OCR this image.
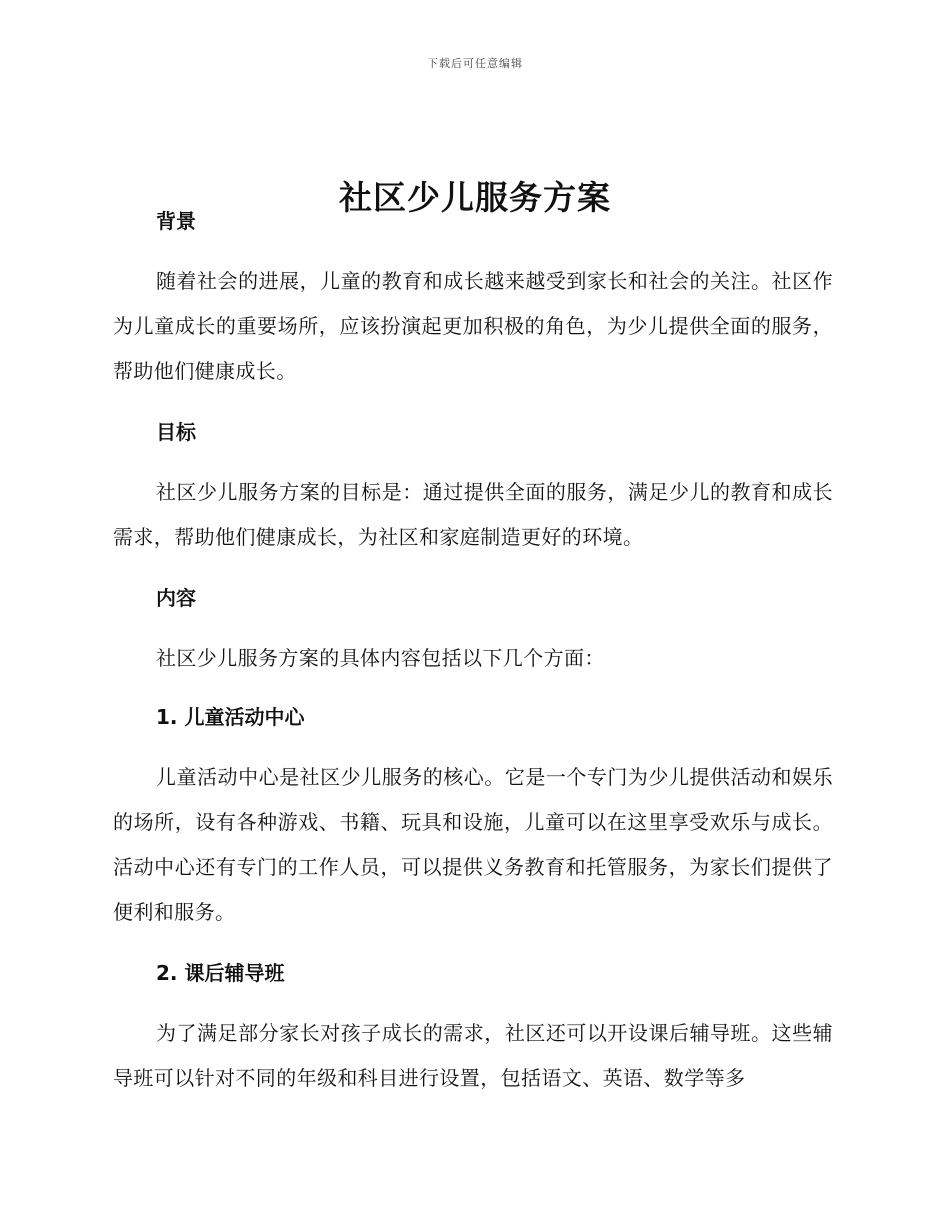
下载后可任意编辑
社区少儿服务方案
背景

随着社会的进展，儿童的教育和成长越来越受到家长和社会的关注。社区作为儿童成长的重要场所，应该扮演起更加积极的角色，为少儿提供全面的服务，帮助他们健康成长。

目标

社区少儿服务方案的目标是：通过提供全面的服务，满足少儿的教育和成长需求，帮助他们健康成长，为社区和家庭制造更好的环境。

内容

社区少儿服务方案的具体内容包括以下几个方面：

1. 儿童活动中心

儿童活动中心是社区少儿服务的核心。它是一个专门为少儿提供活动和娱乐的场所，设有各种游戏、书籍、玩具和设施，儿童可以在这里享受欢乐与成长。活动中心还有专门的工作人员，可以提供义务教育和托管服务，为家长们提供了便利和服务。

2. 课后辅导班

为了满足部分家长对孩子成长的需求，社区还可以开设课后辅导班。这些辅导班可以针对不同的年级和科目进行设置，包括语文、英语、数学等多
